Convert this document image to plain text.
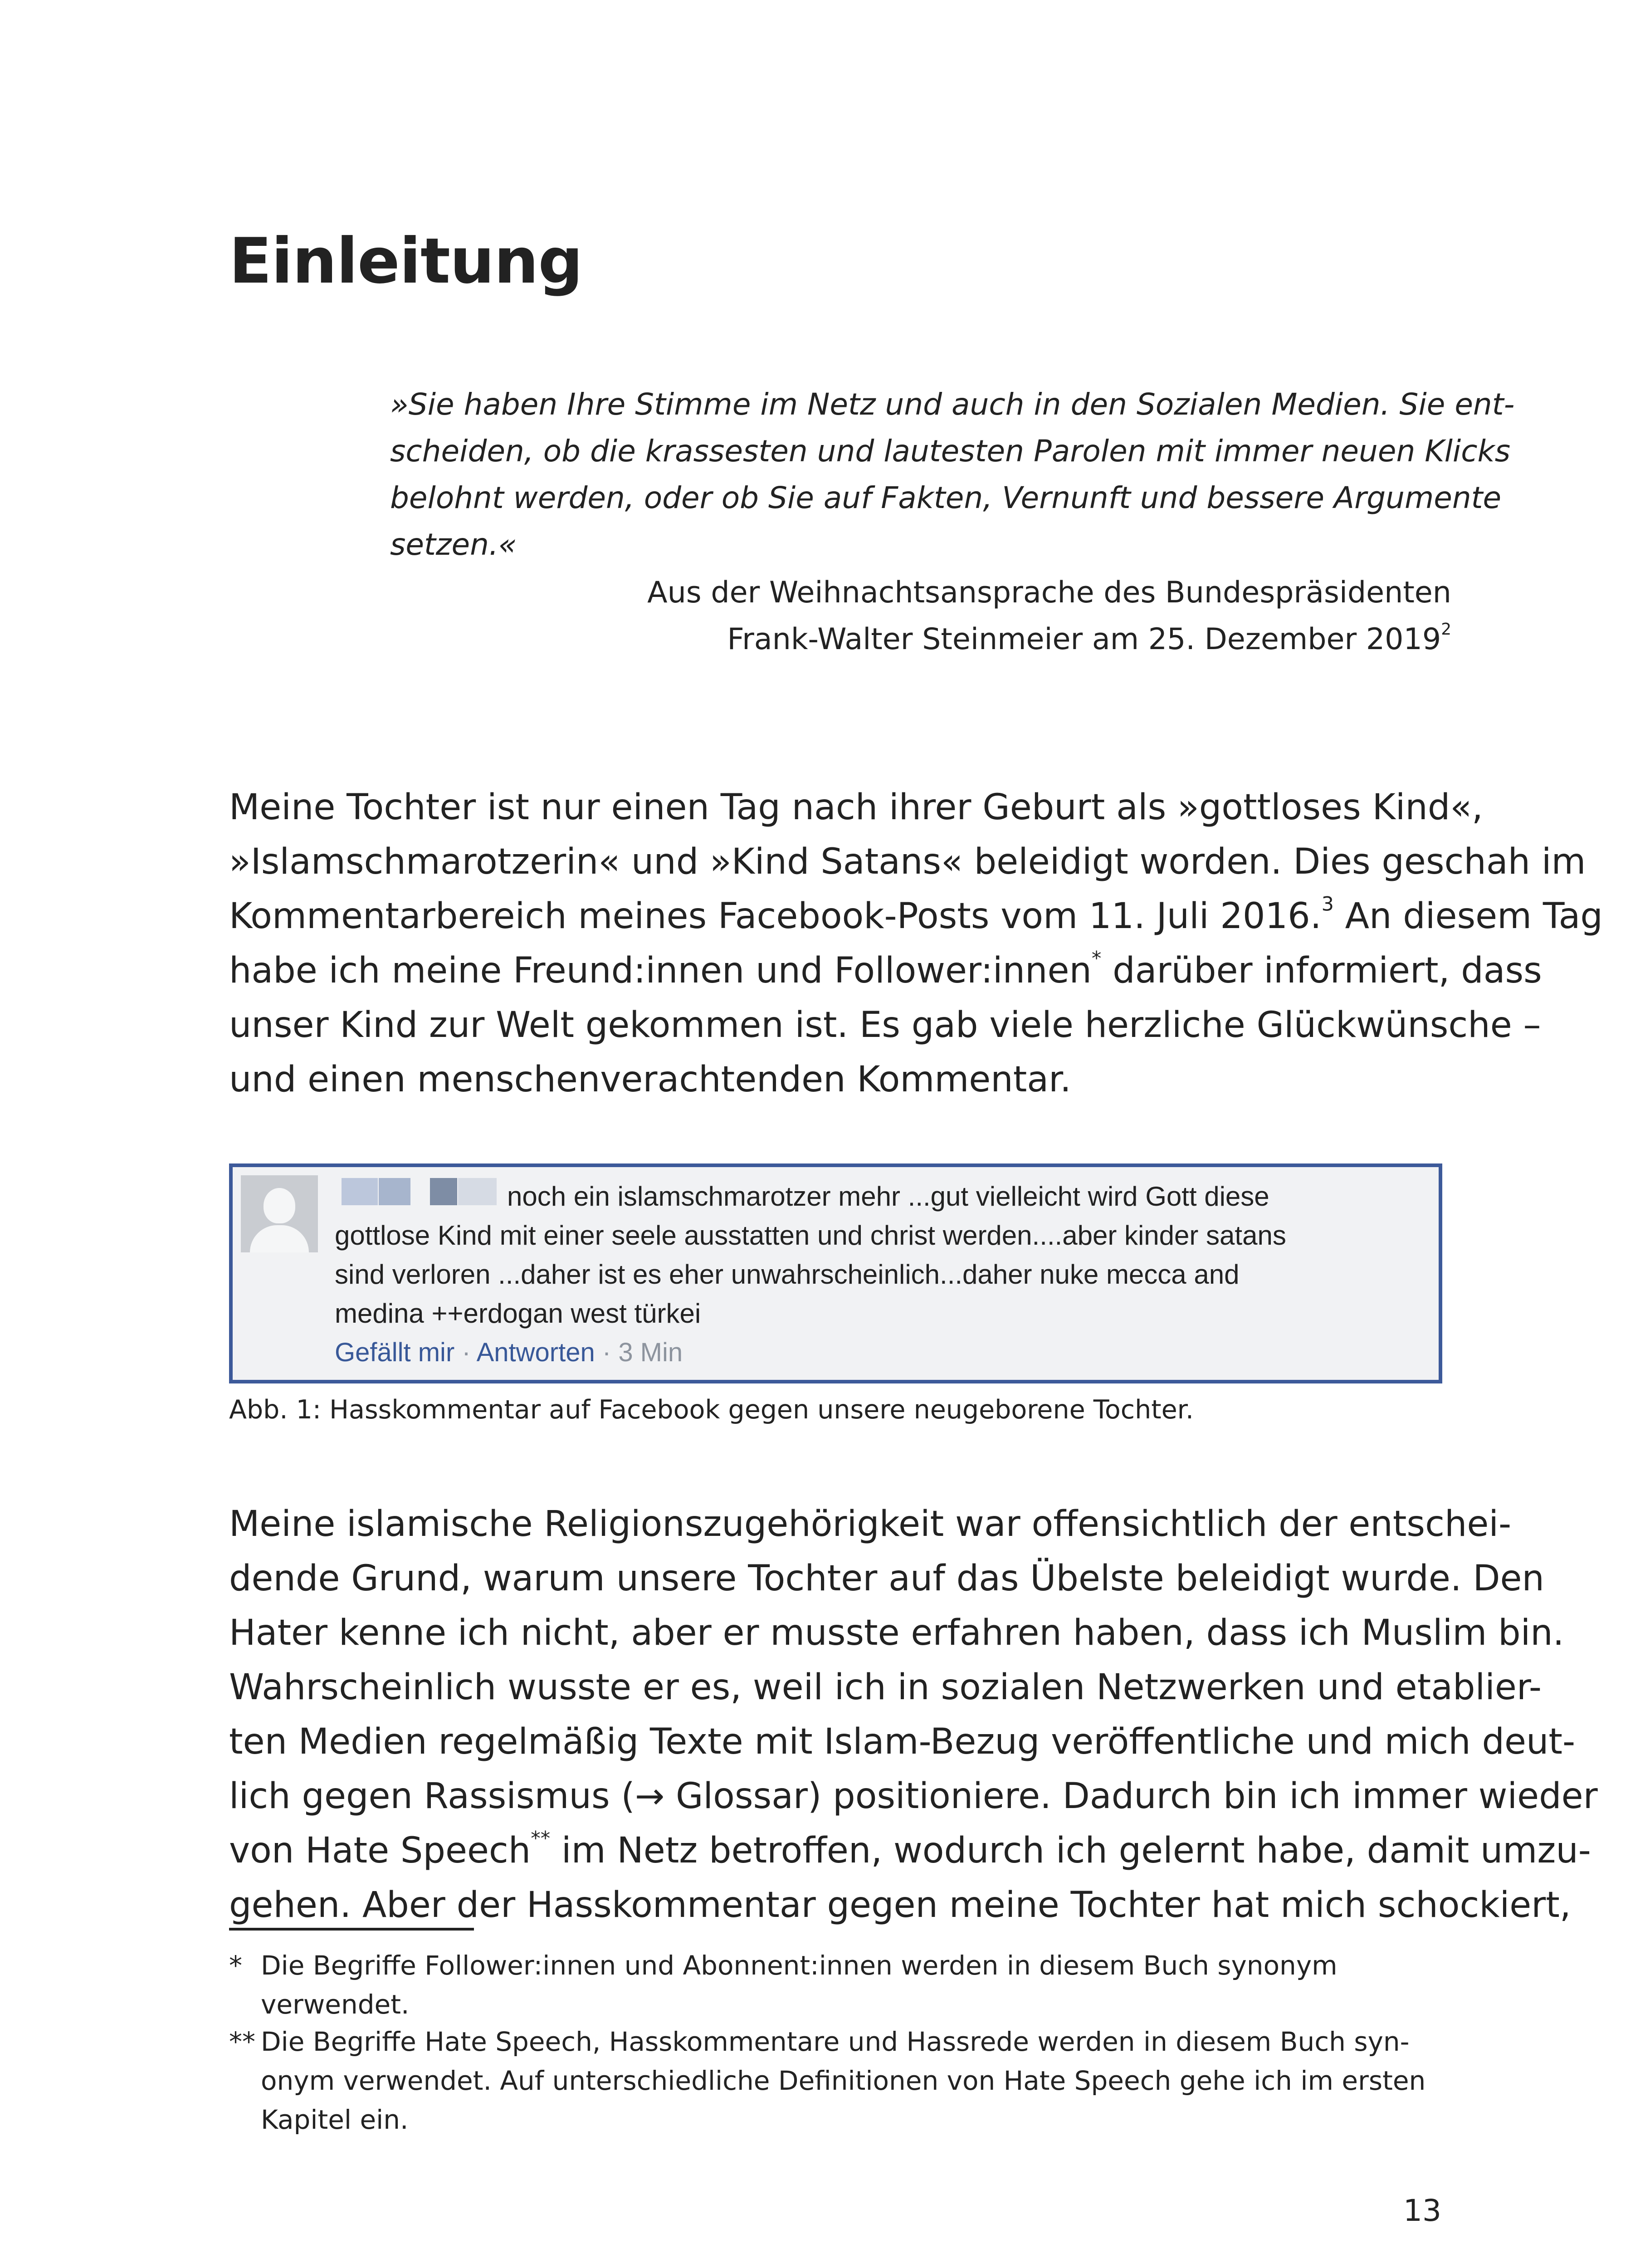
Einleitung
»Sie haben Ihre Stimme im Netz und auch in den Sozialen Medien. Sie ent-
scheiden, ob die krassesten und lautesten Parolen mit immer neuen Klicks
belohnt werden, oder ob Sie auf Fakten, Vernunft und bessere Argumente
setzen.«
Aus der Weihnachtsansprache des Bundespräsidenten
Frank-Walter Steinmeier am 25. Dezember 2019$^2$
Meine Tochter ist nur einen Tag nach ihrer Geburt als »gottloses Kind«,
»Islamschmarotzerin« und »Kind Satans« beleidigt worden. Dies geschah im
Kommentarbereich meines Facebook-Posts vom 11. Juli 2016.$^3$ An diesem Tag
habe ich meine Freund:innen und Follower:innen* darüber informiert, dass
unser Kind zur Welt gekommen ist. Es gab viele herzliche Glückwünsche –
und einen menschenverachtenden Kommentar.
noch ein islamschmarotzer mehr ...gut vielleicht wird Gott diese
gottlose Kind mit einer seele ausstatten und christ werden....aber kinder satans
sind verloren ...daher ist es eher unwahrscheinlich...daher nuke mecca and
medina ++erdogan west türkei
Gefällt mir · Antworten · 3 Min
Abb. 1: Hasskommentar auf Facebook gegen unsere neugeborene Tochter.
Meine islamische Religionszugehörigkeit war offensichtlich der entschei-
dende Grund, warum unsere Tochter auf das Übelste beleidigt wurde. Den
Hater kenne ich nicht, aber er musste erfahren haben, dass ich Muslim bin.
Wahrscheinlich wusste er es, weil ich in sozialen Netzwerken und etablier-
ten Medien regelmäßig Texte mit Islam-Bezug veröffentliche und mich deut-
lich gegen Rassismus (→ Glossar) positioniere. Dadurch bin ich immer wieder
von Hate Speech** im Netz betroffen, wodurch ich gelernt habe, damit umzu-
gehen. Aber der Hasskommentar gegen meine Tochter hat mich schockiert,
* Die Begriffe Follower:innen und Abonnent:innen werden in diesem Buch synonym
verwendet.
** Die Begriffe Hate Speech, Hasskommentare und Hassrede werden in diesem Buch syn-
onym verwendet. Auf unterschiedliche Definitionen von Hate Speech gehe ich im ersten
Kapitel ein.
13
